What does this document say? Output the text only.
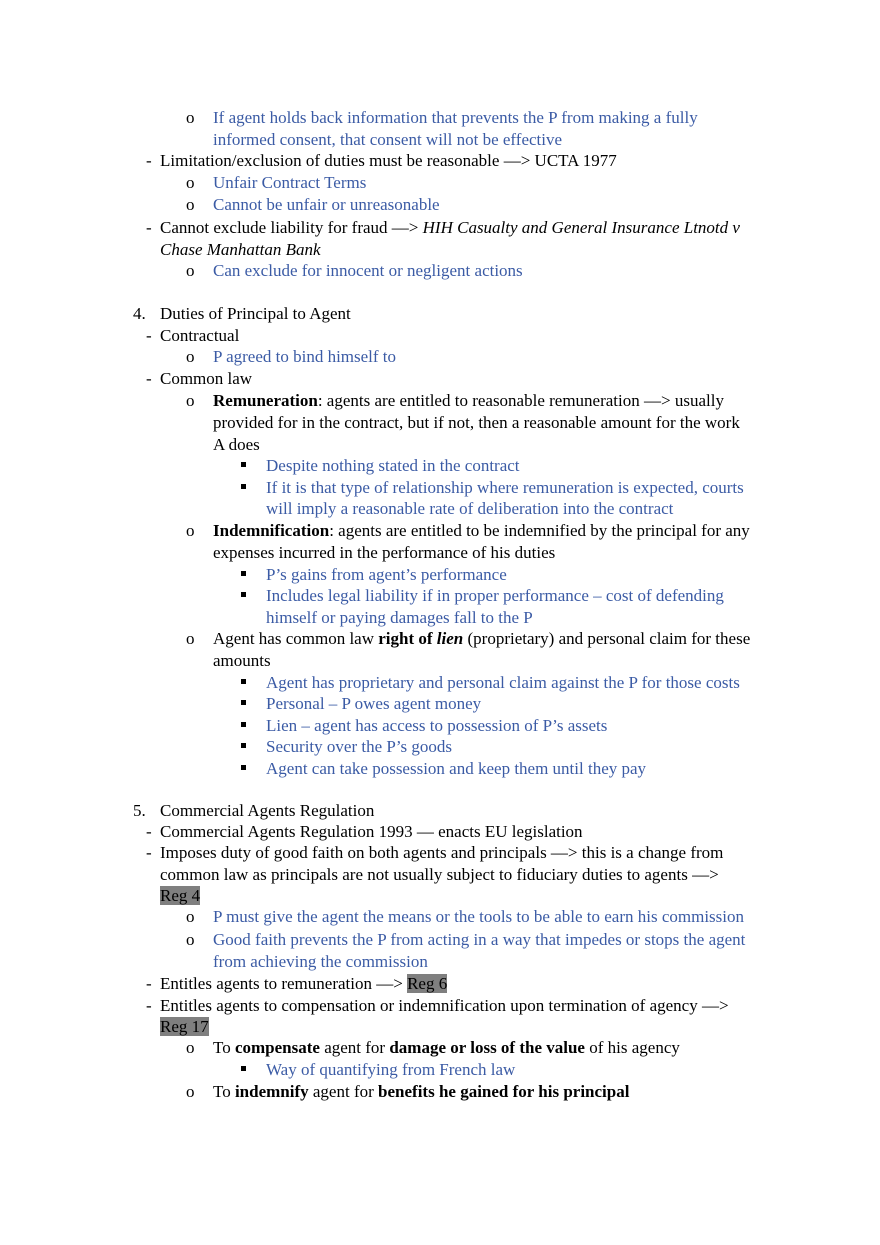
o
-
o
o
-
o
-
o
-
o
o
o
-
-
o
o
-
-
o
o
If agent holds back information that prevents the P from making a fully
informed consent, that consent will not be effective
Limitation/exclusion of duties must be reasonable —> UCTA 1977
Unfair Contract Terms
Cannot be unfair or unreasonable
Cannot exclude liability for fraud —> HIH Casualty and General Insurance Ltnotd v
Chase Manhattan Bank
Can exclude for innocent or negligent actions
Duties of Principal to Agent
4.
Contractual
P agreed to bind himself to
Common law
Remuneration: agents are entitled to reasonable remuneration —> usually
provided for in the contract, but if not, then a reasonable amount for the work
A does
Despite nothing stated in the contract
If it is that type of relationship where remuneration is expected, courts
will imply a reasonable rate of deliberation into the contract
Indemnification: agents are entitled to be indemnified by the principal for any
expenses incurred in the performance of his duties
P’s gains from agent’s performance
Includes legal liability if in proper performance – cost of defending
himself or paying damages fall to the P
Agent has common law right of lien (proprietary) and personal claim for these
amounts
Agent has proprietary and personal claim against the P for those costs
Personal – P owes agent money
Lien – agent has access to possession of P’s assets
Security over the P’s goods
Agent can take possession and keep them until they pay
5. Commercial Agents Regulation
Commercial Agents Regulation 1993 — enacts EU legislation
Imposes duty of good faith on both agents and principals —> this is a change from
common law as principals are not usually subject to fiduciary duties to agents —>
Reg 4
P must give the agent the means or the tools to be able to earn his commission
Good faith prevents the P from acting in a way that impedes or stops the agent
from achieving the commission
Entitles agents to remuneration —> Reg 6
Entitles agents to compensation or indemnification upon termination of agency —>
Reg 17
To compensate agent for damage or loss of the value of his agency
Way of quantifying from French law
To indemnify agent for benefits he gained for his principal
